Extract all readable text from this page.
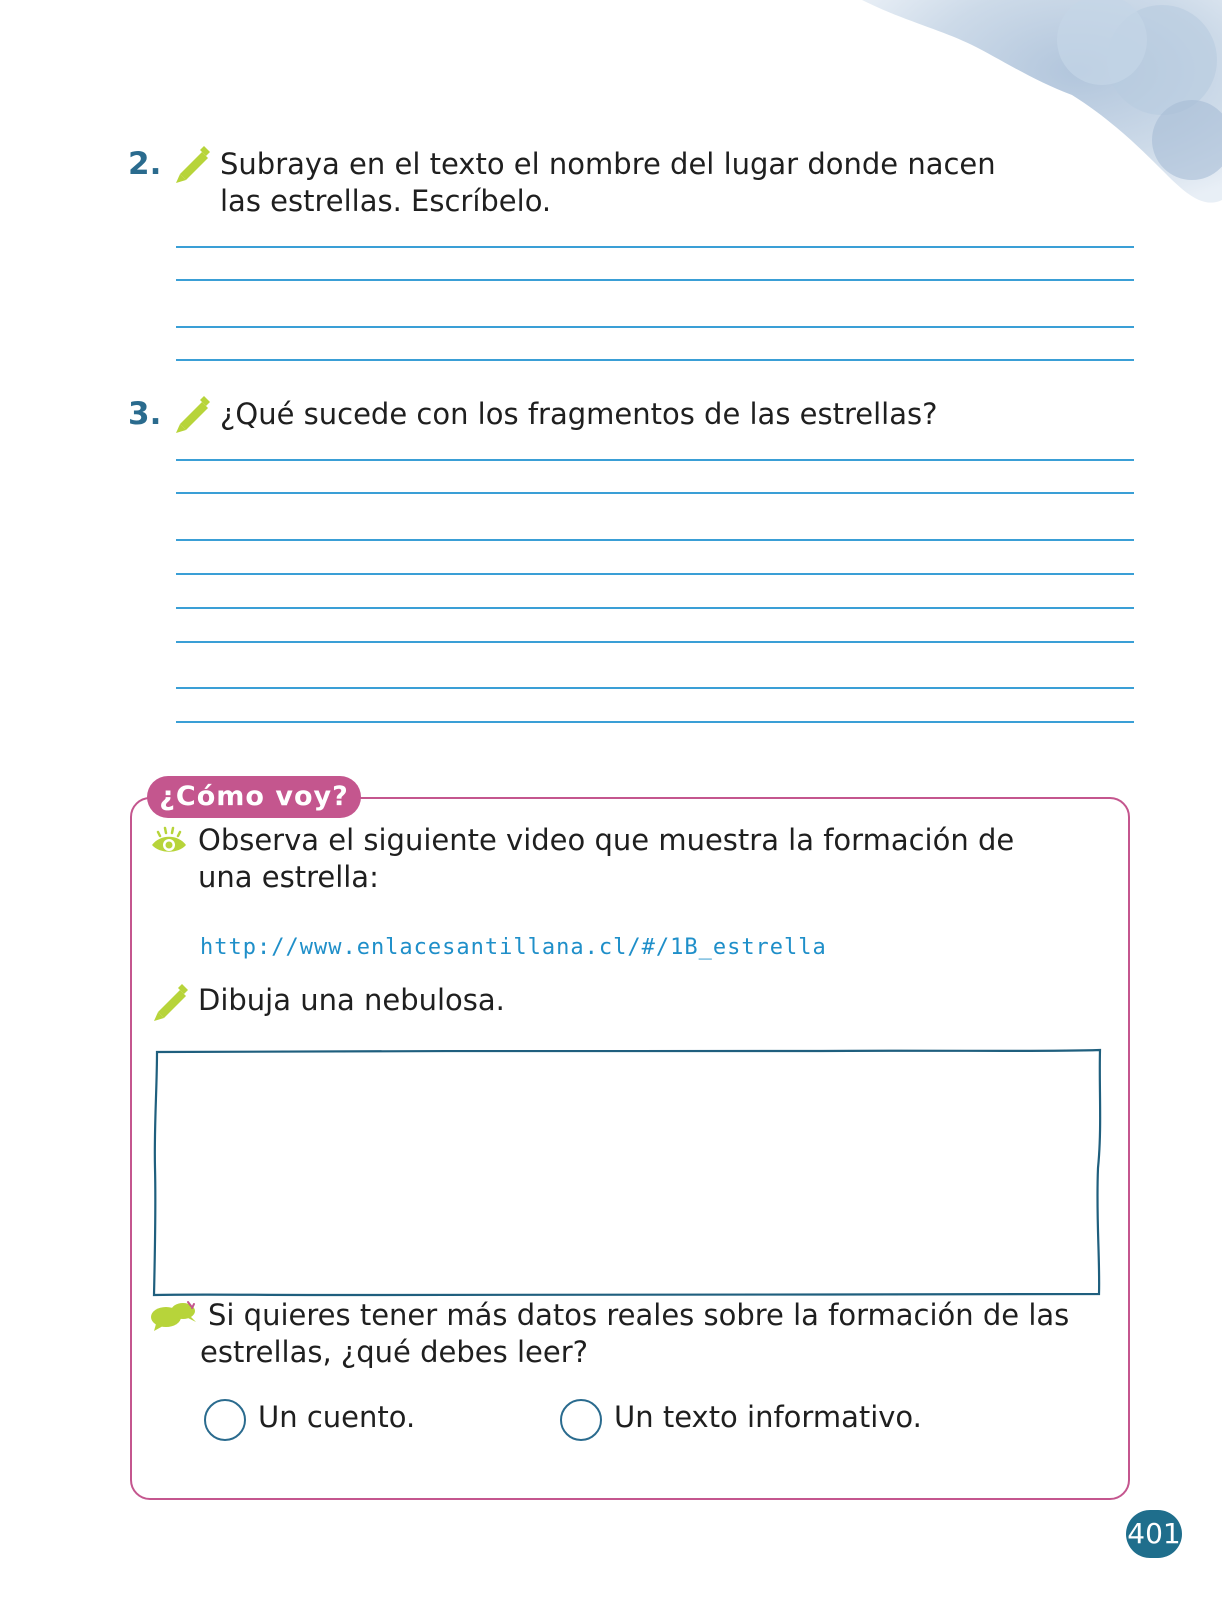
2. Subraya en el texto el nombre del lugar donde nacen
las estrellas. Escríbelo.
3. ¿Qué sucede con los fragmentos de las estrellas?
¿Cómo voy?
Observa el siguiente video que muestra la formación de
una estrella:
http://www.enlacesantillana.cl/#/1B_estrella
Dibuja una nebulosa.
Si quieres tener más datos reales sobre la formación de las
estrellas, ¿qué debes leer?
Un cuento.	Un texto informativo.
401
